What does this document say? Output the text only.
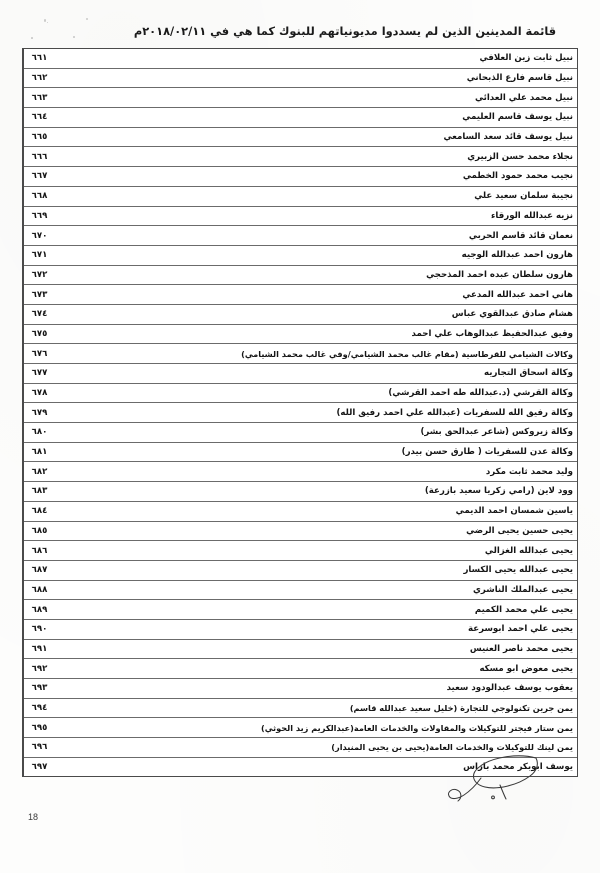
قائمة المدينين الذين لم يسددوا مديونياتهم للبنوك كما هي في ٢٠١٨/٠٢/١١م
نبيل ثابت زين العلافي	٦٦١
نبيل قاسم فارع الذبحاني	٦٦٢
نبيل محمد علي العدائي	٦٦٣
نبيل يوسف قاسم العليمي	٦٦٤
نبيل يوسف قائد سعد السامعي	٦٦٥
نجلاء محمد حسن الزبيري	٦٦٦
نجيب محمد حمود الخطمي	٦٦٧
نجيبة سلمان سعيد علي	٦٦٨
نزيه عبدالله الورقاء	٦٦٩
نعمان قائد قاسم الحربي	٦٧٠
هارون احمد عبدالله الوجيه	٦٧١
هارون سلطان عبده احمد المذحجي	٦٧٢
هاني احمد عبدالله المدعي	٦٧٣
هشام صادق عبدالقوي عباس	٦٧٤
وفيق عبدالحفيظ عبدالوهاب علي احمد	٦٧٥
وكالات الشيامي للقرطاسية (مقام غالب محمد الشيامي/وفي غالب محمد الشيامي)	٦٧٦
وكالة اسحاق التجاريه	٦٧٧
وكالة القرشي (د.عبدالله طه احمد القرشي)	٦٧٨
وكالة رفيق الله للسفريات (عبدالله علي احمد رفيق الله)	٦٧٩
وكالة زيروكس (شاعر عبدالحق بشر)	٦٨٠
وكالة عدن للسفريات ( طارق حسن بيدر)	٦٨١
وليد محمد ثابت مكرد	٦٨٢
وود لاين (رامي زكريا سعيد بازرعة)	٦٨٣
ياسين شمسان احمد الديمي	٦٨٤
يحيى حسين يحيى الرضي	٦٨٥
يحيى عبدالله الغزالي	٦٨٦
يحيى عبدالله يحيى الكسار	٦٨٧
يحيى عبدالملك الناشري	٦٨٨
يحيى علي محمد الكميم	٦٨٩
يحيى علي احمد ابوسرعة	٦٩٠
يحيى محمد ناصر العنيس	٦٩١
يحيى معوض ابو مسكه	٦٩٢
يعقوب يوسف عبدالودود سعيد	٦٩٣
يمن جرين تكنولوجي للتجارة (خليل سعيد عبدالله قاسم)	٦٩٤
يمن ستار فيجتر للتوكيلات والمقاولات والخدمات العامة(عبدالكريم زيد الحوثي)	٦٩٥
يمن لينك للتوكيلات والخدمات العامة(يحيى بن يحيى المنيدار)	٦٩٦
يوسف ابوبكر محمد باراس	٦٩٧
18
